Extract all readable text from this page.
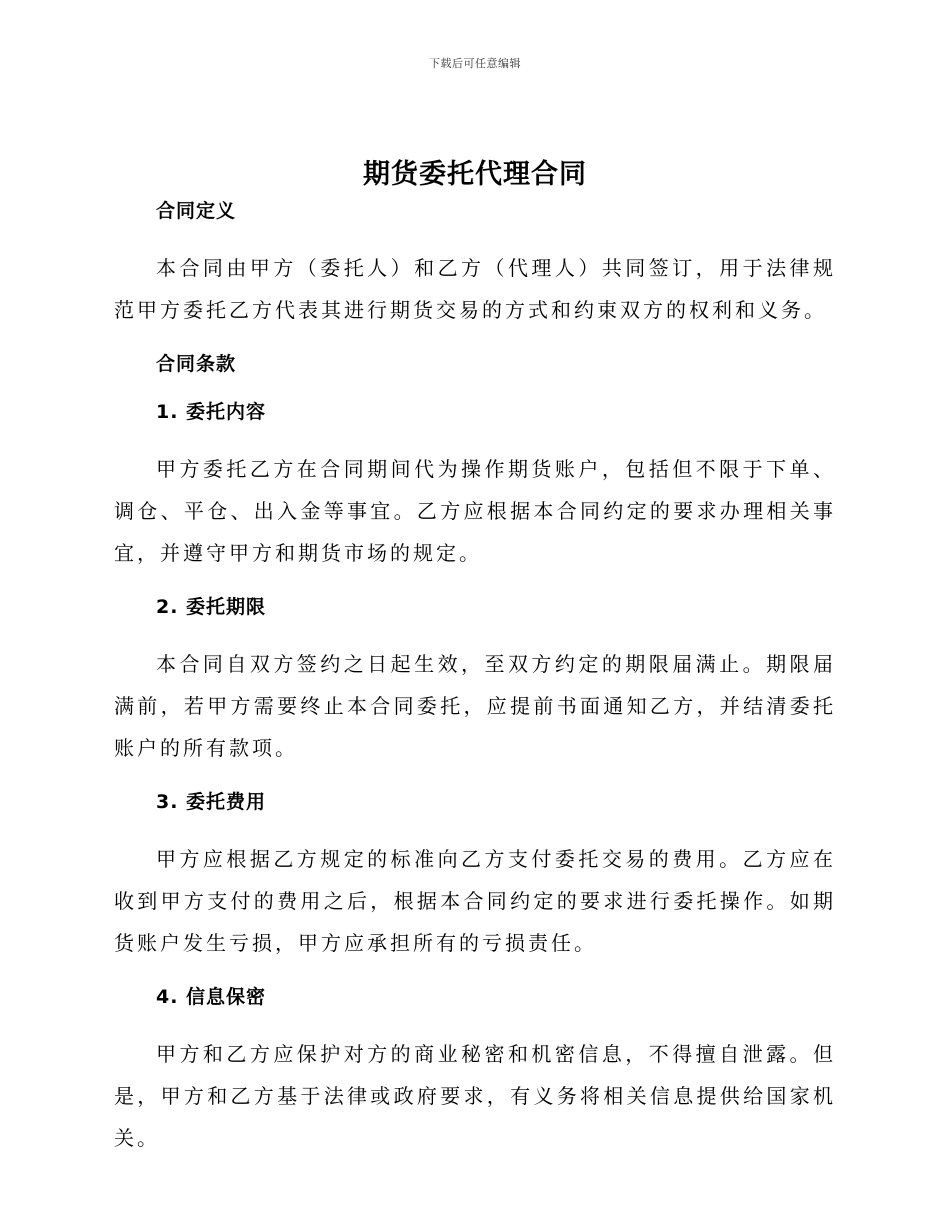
下载后可任意编辑
期货委托代理合同
合同定义

本合同由甲方（委托人）和乙方（代理人）共同签订，用于法律规范甲方委托乙方代表其进行期货交易的方式和约束双方的权利和义务。

合同条款
1. 委托内容

甲方委托乙方在合同期间代为操作期货账户，包括但不限于下单、调仓、平仓、出入金等事宜。乙方应根据本合同约定的要求办理相关事宜，并遵守甲方和期货市场的规定。

2. 委托期限

本合同自双方签约之日起生效，至双方约定的期限届满止。期限届满前，若甲方需要终止本合同委托，应提前书面通知乙方，并结清委托账户的所有款项。

3. 委托费用

甲方应根据乙方规定的标准向乙方支付委托交易的费用。乙方应在收到甲方支付的费用之后，根据本合同约定的要求进行委托操作。如期货账户发生亏损，甲方应承担所有的亏损责任。

4. 信息保密

甲方和乙方应保护对方的商业秘密和机密信息，不得擅自泄露。但是，甲方和乙方基于法律或政府要求，有义务将相关信息提供给国家机关。
